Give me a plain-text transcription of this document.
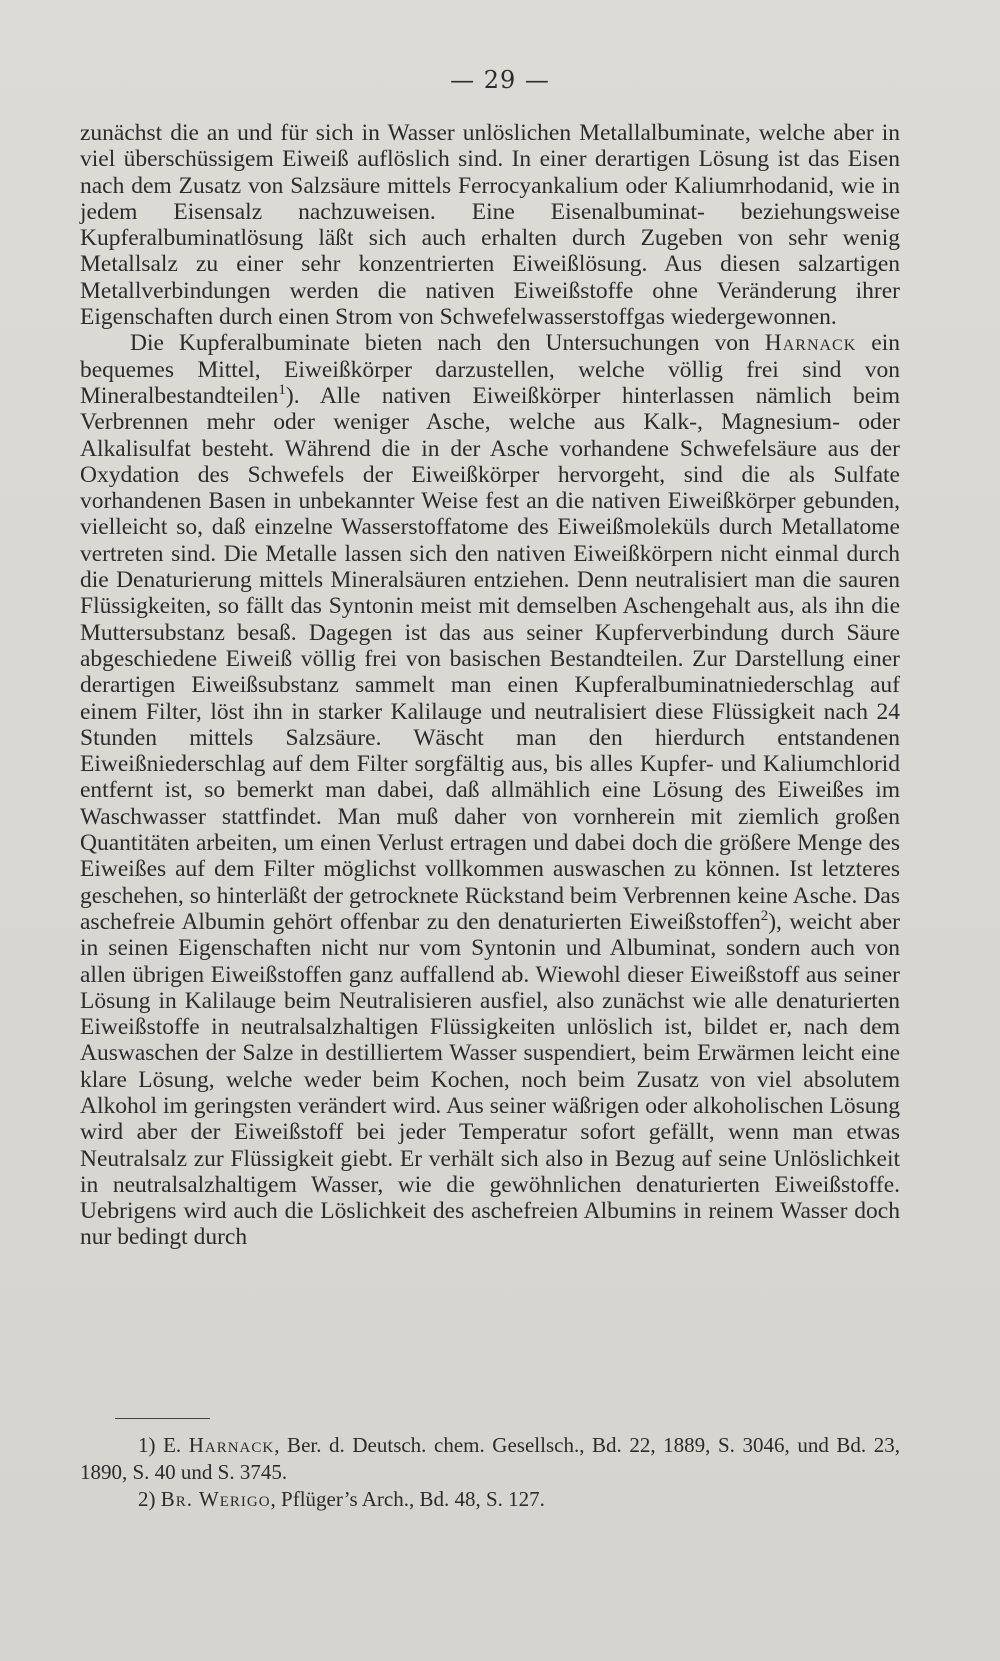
— 29 —

zunächst die an und für sich in Wasser unlöslichen Metallalbuminate, welche aber in viel überschüssigem Eiweiß auflöslich sind. In einer derartigen Lösung ist das Eisen nach dem Zusatz von Salzsäure mittels Ferrocyankalium oder Kaliumrhodanid, wie in jedem Eisensalz nachzuweisen. Eine Eisenalbuminat- beziehungsweise Kupferalbuminatlösung läßt sich auch erhalten durch Zugeben von sehr wenig Metallsalz zu einer sehr konzentrierten Eiweißlösung. Aus diesen salzartigen Metallverbindungen werden die nativen Eiweißstoffe ohne Veränderung ihrer Eigenschaften durch einen Strom von Schwefelwasserstoffgas wiedergewonnen.

Die Kupferalbuminate bieten nach den Untersuchungen von Harnack ein bequemes Mittel, Eiweißkörper darzustellen, welche völlig frei sind von Mineralbestandteilen$^1$). Alle nativen Eiweißkörper hinterlassen nämlich beim Verbrennen mehr oder weniger Asche, welche aus Kalk-, Magnesium- oder Alkalisulfat besteht. Während die in der Asche vorhandene Schwefelsäure aus der Oxydation des Schwefels der Eiweißkörper hervorgeht, sind die als Sulfate vorhandenen Basen in unbekannter Weise fest an die nativen Eiweißkörper gebunden, vielleicht so, daß einzelne Wasserstoffatome des Eiweißmoleküls durch Metallatome vertreten sind. Die Metalle lassen sich den nativen Eiweißkörpern nicht einmal durch die Denaturierung mittels Mineralsäuren entziehen. Denn neutralisiert man die sauren Flüssigkeiten, so fällt das Syntonin meist mit demselben Aschengehalt aus, als ihn die Muttersubstanz besaß. Dagegen ist das aus seiner Kupferverbindung durch Säure abgeschiedene Eiweiß völlig frei von basischen Bestandteilen. Zur Darstellung einer derartigen Eiweißsubstanz sammelt man einen Kupferalbuminatniederschlag auf einem Filter, löst ihn in starker Kalilauge und neutralisiert diese Flüssigkeit nach 24 Stunden mittels Salzsäure. Wäscht man den hierdurch entstandenen Eiweißniederschlag auf dem Filter sorgfältig aus, bis alles Kupfer- und Kaliumchlorid entfernt ist, so bemerkt man dabei, daß allmählich eine Lösung des Eiweißes im Waschwasser stattfindet. Man muß daher von vornherein mit ziemlich großen Quantitäten arbeiten, um einen Verlust ertragen und dabei doch die größere Menge des Eiweißes auf dem Filter möglichst vollkommen auswaschen zu können. Ist letzteres geschehen, so hinterläßt der getrocknete Rückstand beim Verbrennen keine Asche. Das aschefreie Albumin gehört offenbar zu den denaturierten Eiweißstoffen$^2$), weicht aber in seinen Eigenschaften nicht nur vom Syntonin und Albuminat, sondern auch von allen übrigen Eiweißstoffen ganz auffallend ab. Wiewohl dieser Eiweißstoff aus seiner Lösung in Kalilauge beim Neutralisieren ausfiel, also zunächst wie alle denaturierten Eiweißstoffe in neutralsalzhaltigen Flüssigkeiten unlöslich ist, bildet er, nach dem Auswaschen der Salze in destilliertem Wasser suspendiert, beim Erwärmen leicht eine klare Lösung, welche weder beim Kochen, noch beim Zusatz von viel absolutem Alkohol im geringsten verändert wird. Aus seiner wäßrigen oder alkoholischen Lösung wird aber der Eiweißstoff bei jeder Temperatur sofort gefällt, wenn man etwas Neutralsalz zur Flüssigkeit giebt. Er verhält sich also in Bezug auf seine Unlöslichkeit in neutralsalzhaltigem Wasser, wie die gewöhnlichen denaturierten Eiweißstoffe. Uebrigens wird auch die Löslichkeit des aschefreien Albumins in reinem Wasser doch nur bedingt durch

1) E. Harnack, Ber. d. Deutsch. chem. Gesellsch., Bd. 22, 1889, S. 3046, und Bd. 23, 1890, S. 40 und S. 3745.

2) Br. Werigo, Pflüger’s Arch., Bd. 48, S. 127.
